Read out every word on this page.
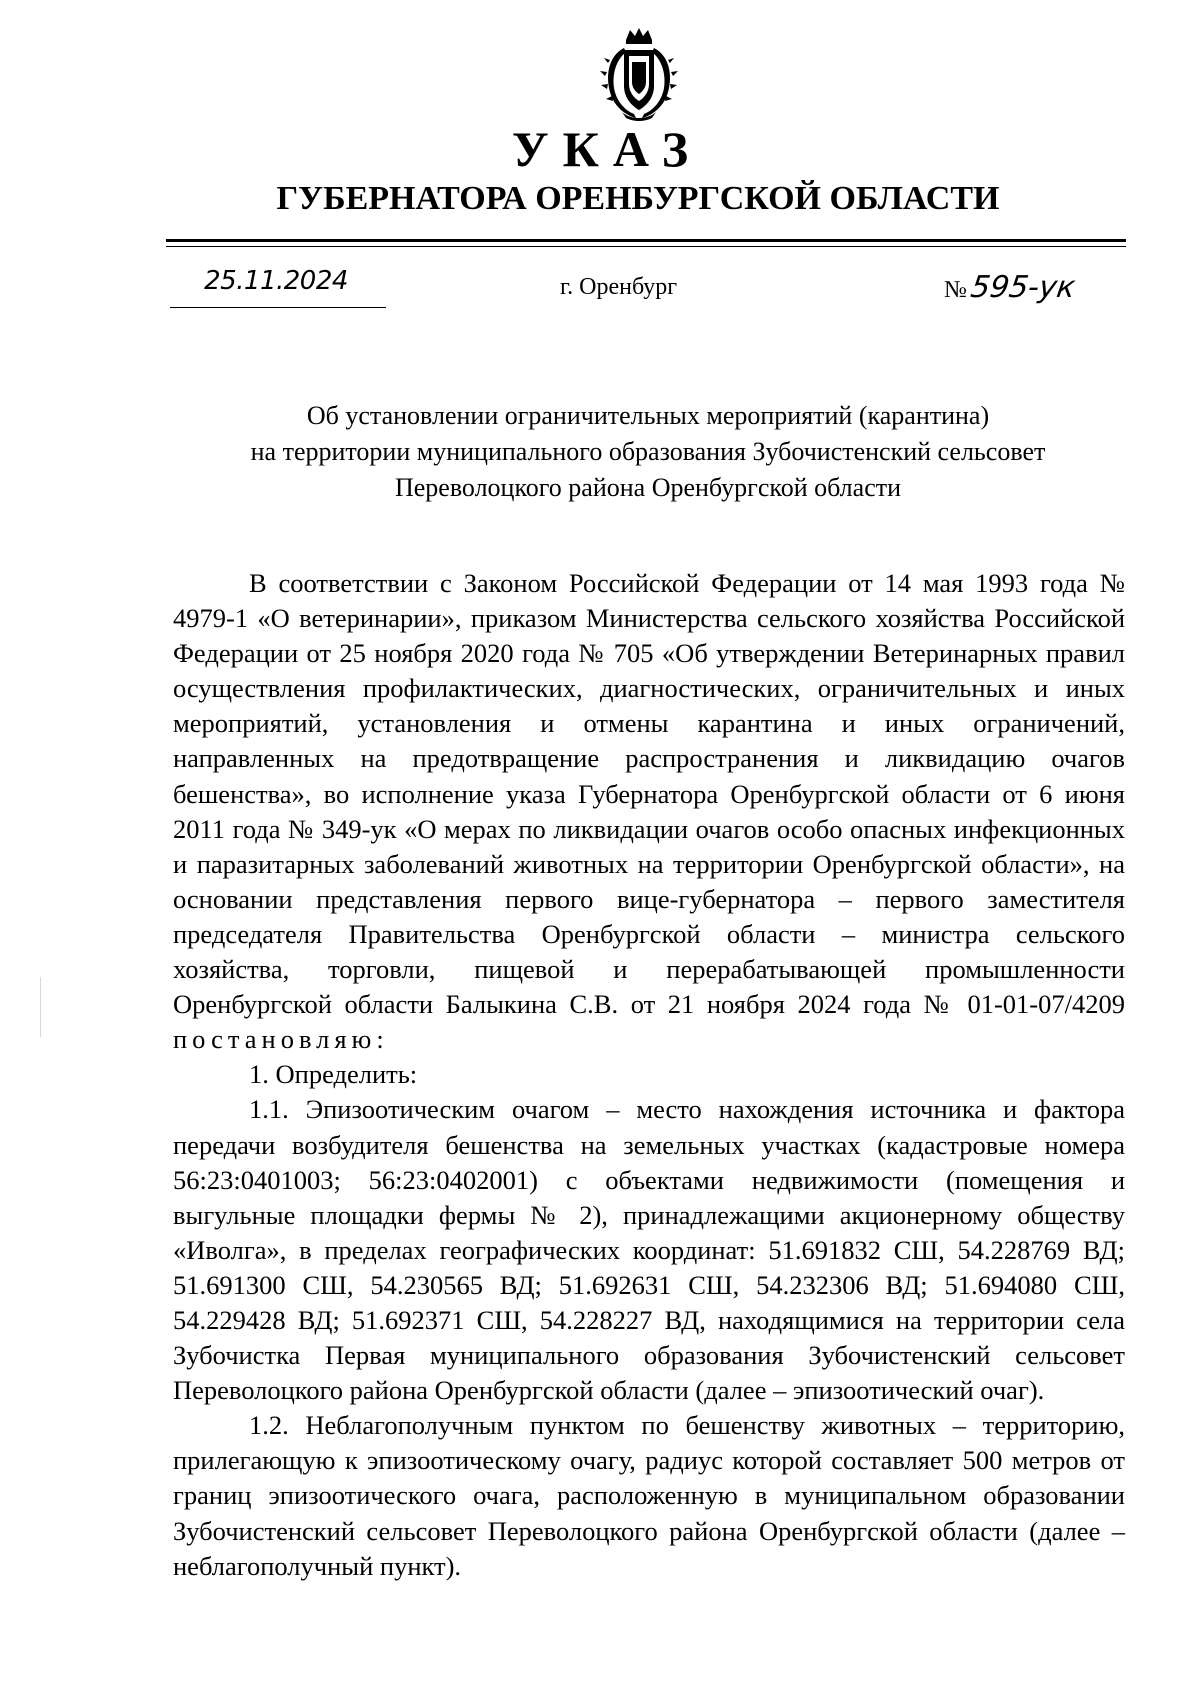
УКАЗ
ГУБЕРНАТОРА ОРЕНБУРГСКОЙ ОБЛАСТИ
25.11.2024	г. Оренбург	№595-ук
Об установлении ограничительных мероприятий (карантина)
на территории муниципального образования Зубочистенский сельсовет
Переволоцкого района Оренбургской области

В соответствии с Законом Российской Федерации от 14 мая 1993 года № 4979-1 «О ветеринарии», приказом Министерства сельского хозяйства Российской Федерации от 25 ноября 2020 года № 705 «Об утверждении Ветеринарных правил осуществления профилактических, диагностических, ограничительных и иных мероприятий, установления и отмены карантина и иных ограничений, направленных на предотвращение распространения и ликвидацию очагов бешенства», во исполнение указа Губернатора Оренбургской области от 6 июня 2011 года № 349-ук «О мерах по ликвидации очагов особо опасных инфекционных и паразитарных заболеваний животных на территории Оренбургской области», на основании представления первого вице-губернатора – первого заместителя председателя Правительства Оренбургской области – министра сельского хозяйства, торговли, пищевой и перерабатывающей промышленности Оренбургской области Балыкина С.В. от 21 ноября 2024 года № 01-01-07/4209 постановляю:

1. Определить:

1.1. Эпизоотическим очагом – место нахождения источника и фактора передачи возбудителя бешенства на земельных участках (кадастровые номера 56:23:0401003; 56:23:0402001) с объектами недвижимости (помещения и выгульные площадки фермы № 2), принадлежащими акционерному обществу «Иволга», в пределах географических координат: 51.691832 СШ, 54.228769 ВД; 51.691300 СШ, 54.230565 ВД; 51.692631 СШ, 54.232306 ВД; 51.694080 СШ, 54.229428 ВД; 51.692371 СШ, 54.228227 ВД, находящимися на территории села Зубочистка Первая муниципального образования Зубочистенский сельсовет Переволоцкого района Оренбургской области (далее – эпизоотический очаг).

1.2. Неблагополучным пунктом по бешенству животных – территорию, прилегающую к эпизоотическому очагу, радиус которой составляет 500 метров от границ эпизоотического очага, расположенную в муниципальном образовании Зубочистенский сельсовет Переволоцкого района Оренбургской области (далее – неблагополучный пункт).
